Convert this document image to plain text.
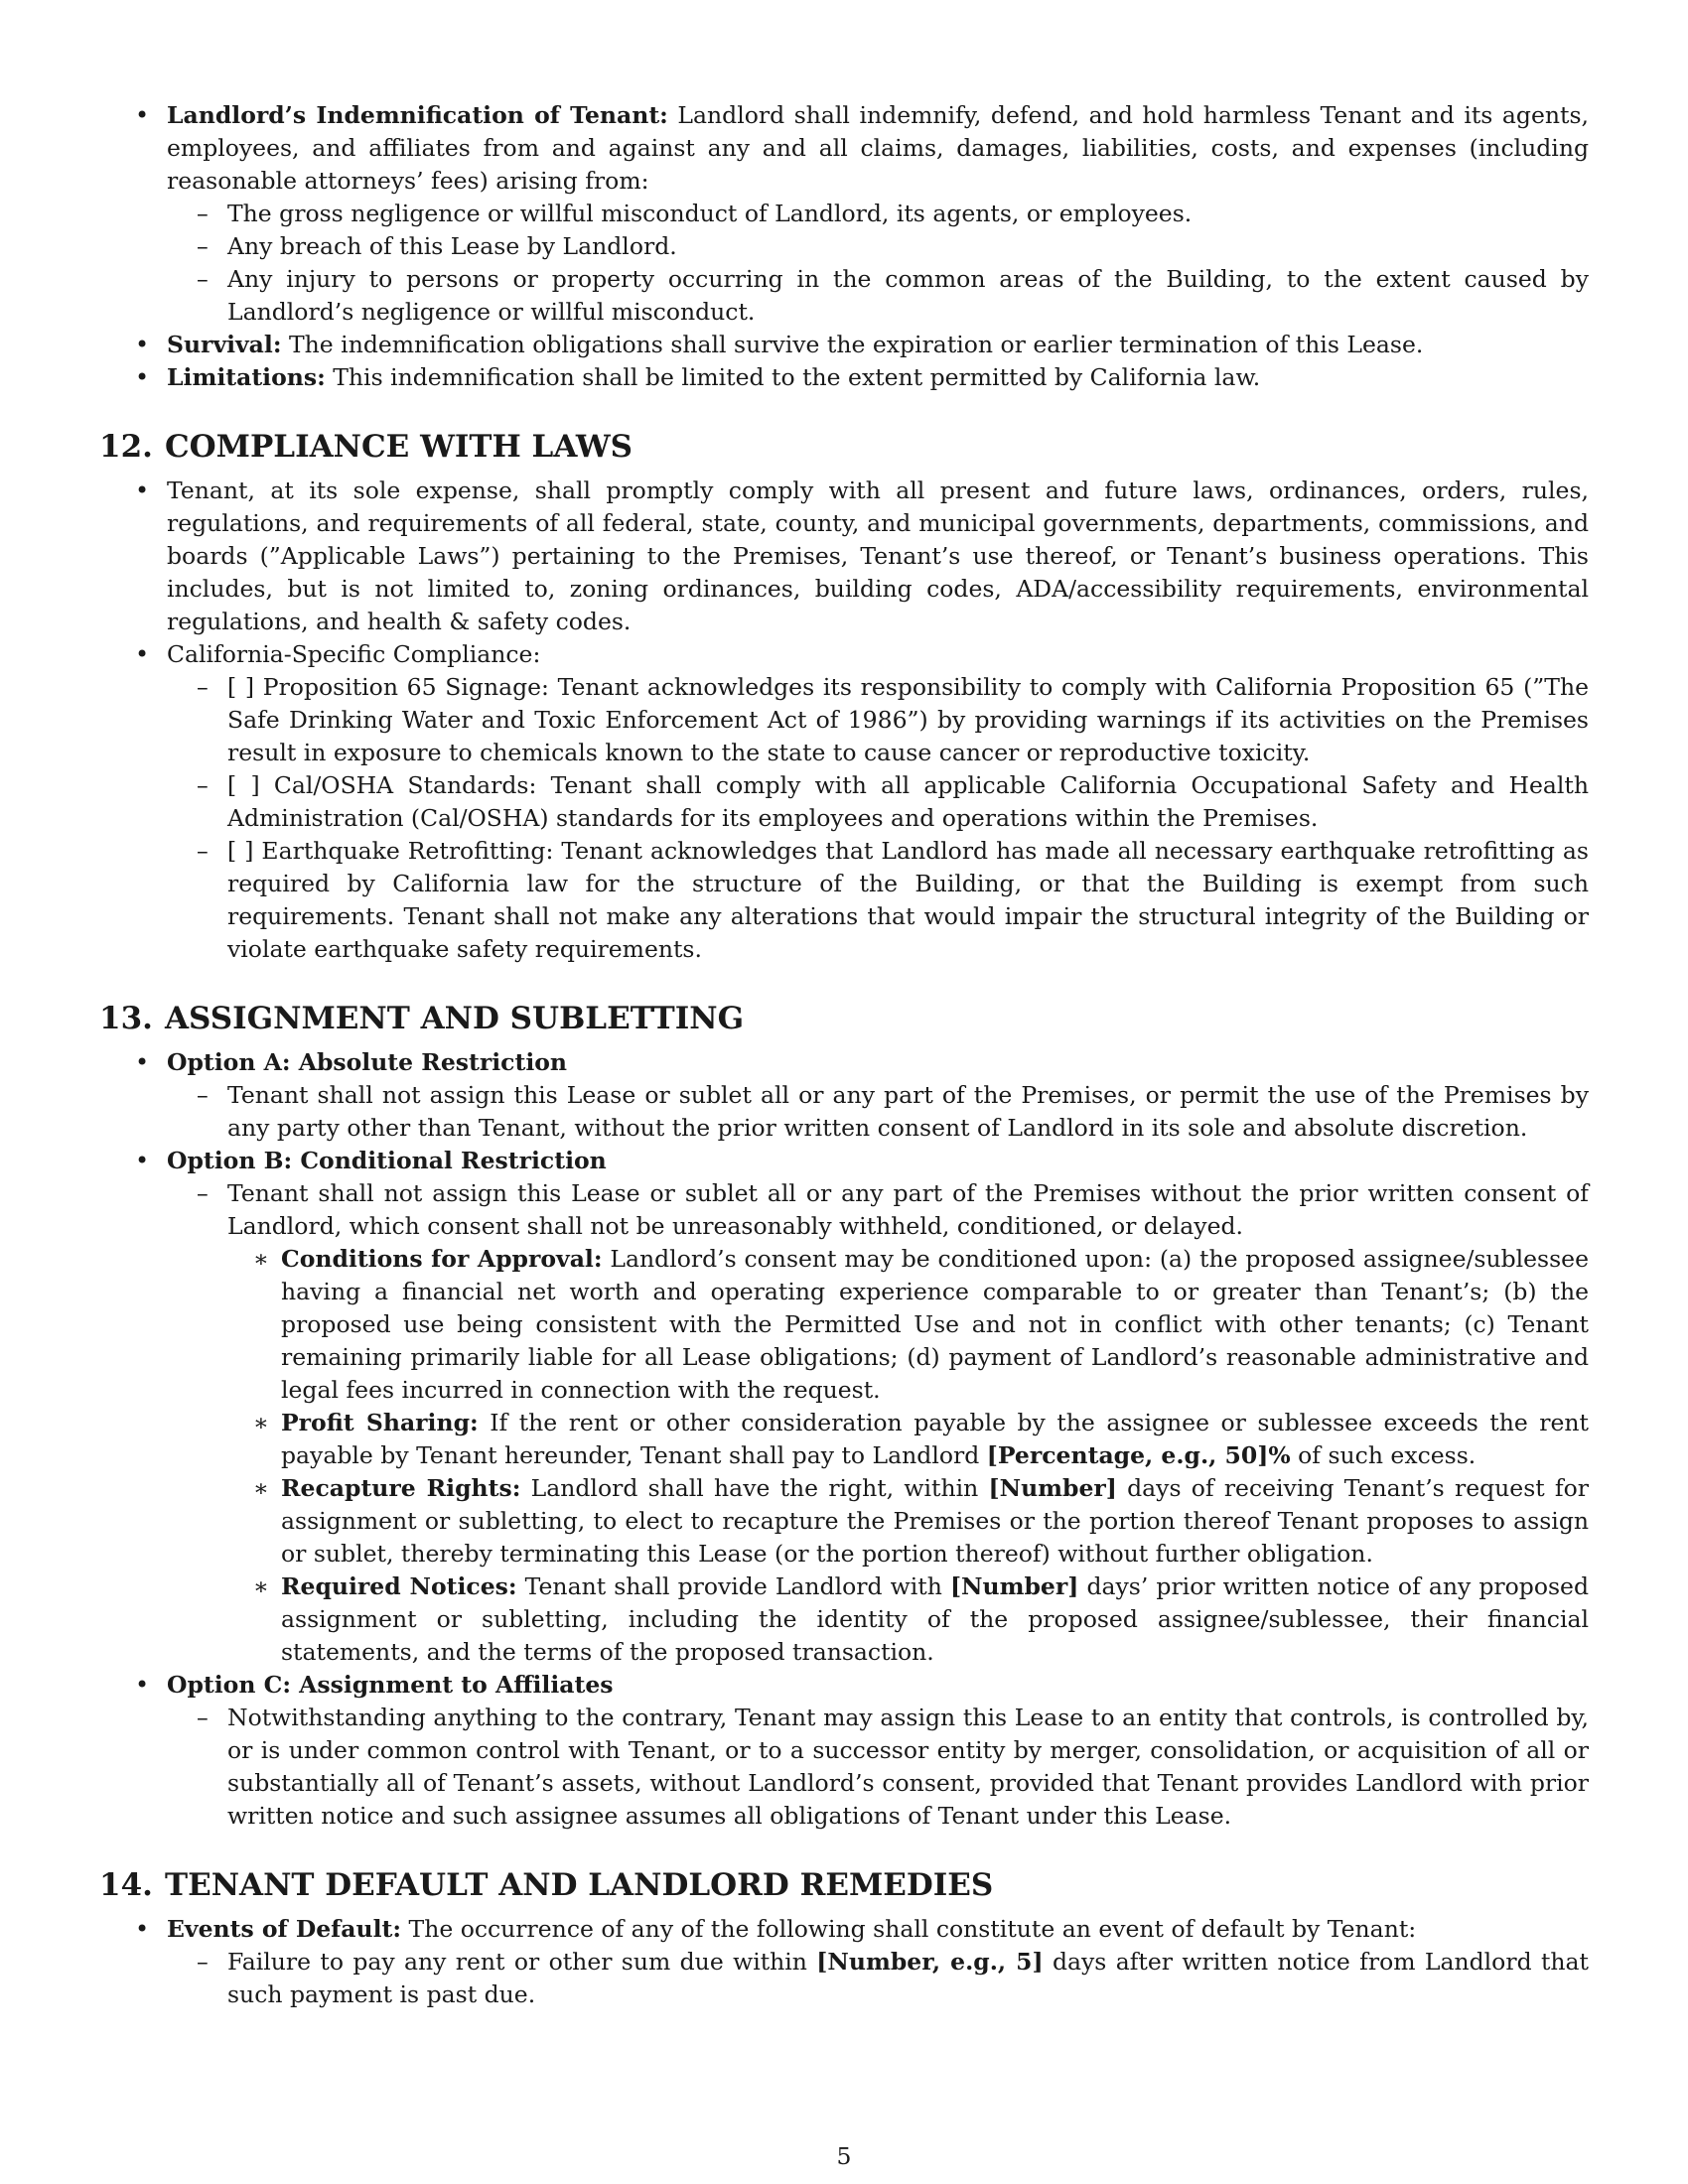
• Landlord’s Indemnification of Tenant: Landlord shall indemnify, defend, and hold harmless Tenant and its agents, employees, and affiliates from and against any and all claims, damages, liabilities, costs, and expenses (including reasonable attorneys’ fees) arising from:
– The gross negligence or willful misconduct of Landlord, its agents, or employees.
– Any breach of this Lease by Landlord.
– Any injury to persons or property occurring in the common areas of the Building, to the extent caused by Landlord’s negligence or willful misconduct.
• Survival: The indemnification obligations shall survive the expiration or earlier termination of this Lease.
• Limitations: This indemnification shall be limited to the extent permitted by California law.
12. COMPLIANCE WITH LAWS
• Tenant, at its sole expense, shall promptly comply with all present and future laws, ordinances, orders, rules, regulations, and requirements of all federal, state, county, and municipal governments, departments, commissions, and boards (”Applicable Laws”) pertaining to the Premises, Tenant’s use thereof, or Tenant’s business operations. This includes, but is not limited to, zoning ordinances, building codes, ADA/accessibility requirements, environmental regulations, and health & safety codes.
• California-Specific Compliance:
– [ ] Proposition 65 Signage: Tenant acknowledges its responsibility to comply with California Proposition 65 (”The Safe Drinking Water and Toxic Enforcement Act of 1986”) by providing warnings if its activities on the Premises result in exposure to chemicals known to the state to cause cancer or reproductive toxicity.
– [ ] Cal/OSHA Standards: Tenant shall comply with all applicable California Occupational Safety and Health Administration (Cal/OSHA) standards for its employees and operations within the Premises.
– [ ] Earthquake Retrofitting: Tenant acknowledges that Landlord has made all necessary earthquake retrofitting as required by California law for the structure of the Building, or that the Building is exempt from such requirements. Tenant shall not make any alterations that would impair the structural integrity of the Building or violate earthquake safety requirements.
13. ASSIGNMENT AND SUBLETTING
• Option A: Absolute Restriction
– Tenant shall not assign this Lease or sublet all or any part of the Premises, or permit the use of the Premises by any party other than Tenant, without the prior written consent of Landlord in its sole and absolute discretion.
• Option B: Conditional Restriction
– Tenant shall not assign this Lease or sublet all or any part of the Premises without the prior written consent of Landlord, which consent shall not be unreasonably withheld, conditioned, or delayed.
∗ Conditions for Approval: Landlord’s consent may be conditioned upon: (a) the proposed assignee/sublessee having a financial net worth and operating experience comparable to or greater than Tenant’s; (b) the proposed use being consistent with the Permitted Use and not in conflict with other tenants; (c) Tenant remaining primarily liable for all Lease obligations; (d) payment of Landlord’s reasonable administrative and legal fees incurred in connection with the request.
∗ Profit Sharing: If the rent or other consideration payable by the assignee or sublessee exceeds the rent payable by Tenant hereunder, Tenant shall pay to Landlord [Percentage, e.g., 50]% of such excess.
∗ Recapture Rights: Landlord shall have the right, within [Number] days of receiving Tenant’s request for assignment or subletting, to elect to recapture the Premises or the portion thereof Tenant proposes to assign or sublet, thereby terminating this Lease (or the portion thereof) without further obligation.
∗ Required Notices: Tenant shall provide Landlord with [Number] days’ prior written notice of any proposed assignment or subletting, including the identity of the proposed assignee/sublessee, their financial statements, and the terms of the proposed transaction.
• Option C: Assignment to Affiliates
– Notwithstanding anything to the contrary, Tenant may assign this Lease to an entity that controls, is controlled by, or is under common control with Tenant, or to a successor entity by merger, consolidation, or acquisition of all or substantially all of Tenant’s assets, without Landlord’s consent, provided that Tenant provides Landlord with prior written notice and such assignee assumes all obligations of Tenant under this Lease.
14. TENANT DEFAULT AND LANDLORD REMEDIES
• Events of Default: The occurrence of any of the following shall constitute an event of default by Tenant:
– Failure to pay any rent or other sum due within [Number, e.g., 5] days after written notice from Landlord that such payment is past due.
5
